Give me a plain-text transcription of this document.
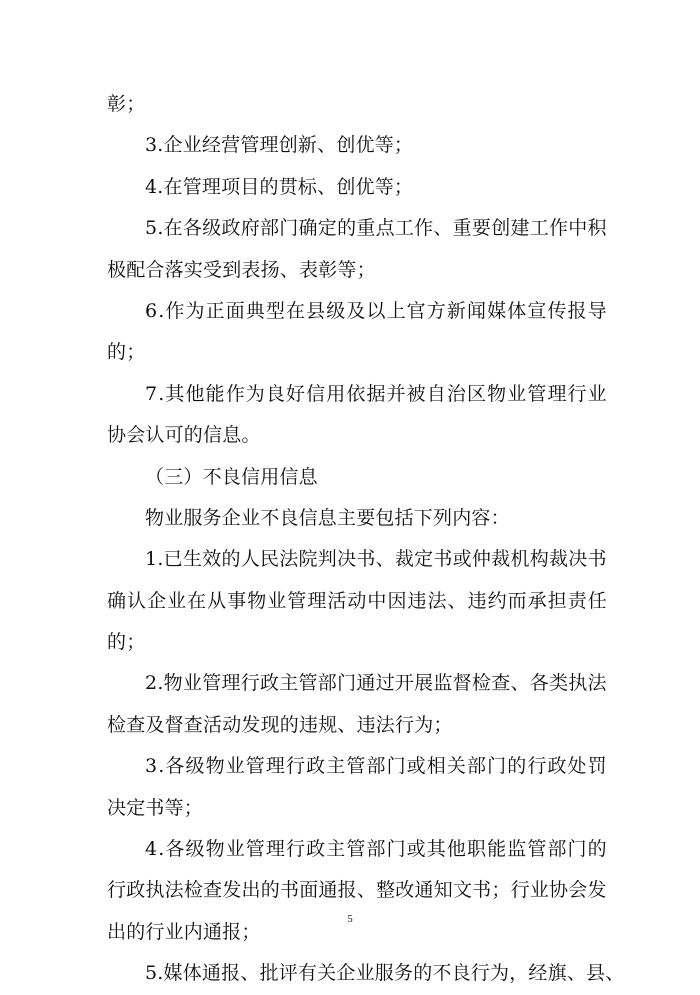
彰；
3.企业经营管理创新、创优等；
4.在管理项目的贯标、创优等；
5 . 在 各 级 政 府 部 门 确 定 的 重 点 工 作 、 重 要 创 建 工 作 中 积
极配合落实受到表扬、表彰等；
6 . 作 为 正 面 典 型 在 县 级 及 以 上 官 方 新 闻 媒 体 宣 传 报 导
的；
7 . 其 他 能 作 为 良 好 信 用 依 据 并 被 自 治 区 物 业 管 理 行 业
协会认可的信息。
（三）不良信用信息
物业服务企业不良信息主要包括下列内容：
1 . 已 生 效 的 人 民 法 院 判 决 书 、 裁 定 书 或 仲 裁 机 构 裁 决 书
确 认 企 业 在 从 事 物 业 管 理 活 动 中 因 违 法 、 违 约 而 承 担 责 任
的；
2 . 物 业 管 理 行 政 主 管 部 门 通 过 开 展 监 督 检 查 、 各 类 执 法
检查及督查活动发现的违规、违法行为；
3 . 各 级 物 业 管 理 行 政 主 管 部 门 或 相 关 部 门 的 行 政 处 罚
决定书等；
4 . 各 级 物 业 管 理 行 政 主 管 部 门 或 其 他 职 能 监 管 部 门 的
行 政 执 法 检 查 发 出 的 书 面 通 报 、 整 改 通 知 文 书 ； 行 业 协 会 发
出的行业内通报；
5 . 媒 体 通 报 、 批 评 有 关 企 业 服 务 的 不 良 行 为 ， 经 旗 、 县 、
5
